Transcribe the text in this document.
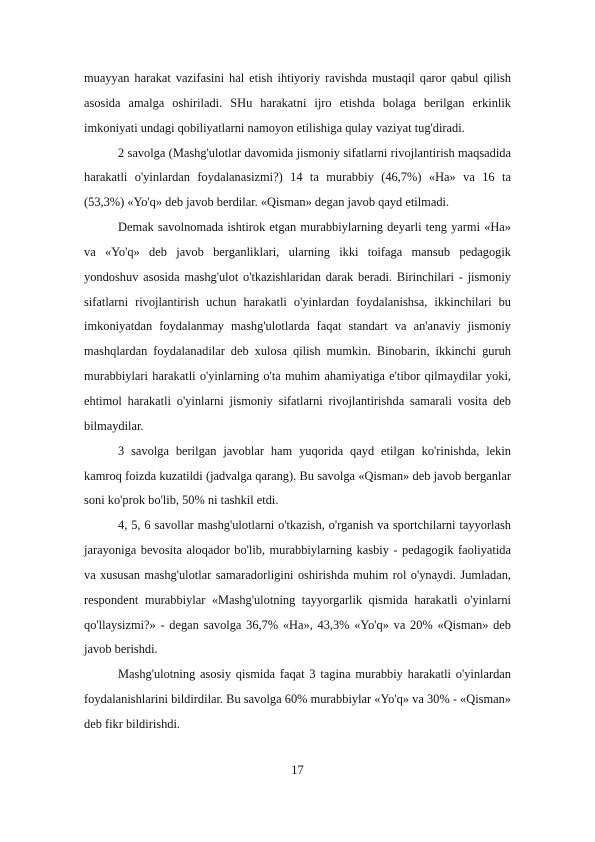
muayyan harakat vazifasini hal etish ihtiyoriy ravishda mustaqil qaror qabul qilish asosida amalga oshiriladi. SHu harakatni ijro etishda bolaga berilgan erkinlik imkoniyati undagi qobiliyatlarni namoyon etilishiga qulay vaziyat tug'diradi.

2 savolga (Mashg'ulotlar davomida jismoniy sifatlarni rivojlantirish maqsadida harakatli o'yinlardan foydalanasizmi?) 14 ta murabbiy (46,7%) «Ha» va 16 ta (53,3%) «Yo'q» deb javob berdilar. «Qisman» degan javob qayd etilmadi.

Demak savolnomada ishtirok etgan murabbiylarning deyarli teng yarmi «Ha» va «Yo'q» deb javob berganliklari, ularning ikki toifaga mansub pedagogik yondoshuv asosida mashg'ulot o'tkazishlaridan darak beradi. Birinchilari - jismoniy sifatlarni rivojlantirish uchun harakatli o'yinlardan foydalanishsa, ikkinchilari bu imkoniyatdan foydalanmay mashg'ulotlarda faqat standart va an'anaviy jismoniy mashqlardan foydalanadilar deb xulosa qilish mumkin. Binobarin, ikkinchi guruh murabbiylari harakatli o'yinlarning o'ta muhim ahamiyatiga e'tibor qilmaydilar yoki, ehtimol harakatli o'yinlarni jismoniy sifatlarni rivojlantirishda samarali vosita deb bilmaydilar.

3 savolga berilgan javoblar ham yuqorida qayd etilgan ko'rinishda, lekin kamroq foizda kuzatildi (jadvalga qarang). Bu savolga «Qisman» deb javob berganlar soni ko'prok bo'lib, 50% ni tashkil etdi.

4, 5, 6 savollar mashg'ulotlarni o'tkazish, o'rganish va sportchilarni tayyorlash jarayoniga bevosita aloqador bo'lib, murabbiylarning kasbiy - pedagogik faoliyatida va xususan mashg'ulotlar samaradorligini oshirishda muhim rol o'ynaydi. Jumladan, respondent murabbiylar «Mashg'ulotning tayyorgarlik qismida harakatli o'yinlarni qo'llaysizmi?» - degan savolga 36,7% «Ha», 43,3% «Yo'q» va 20% «Qisman» deb javob berishdi.

Mashg'ulotning asosiy qismida faqat 3 tagina murabbiy harakatli o'yinlardan foydalanishlarini bildirdilar. Bu savolga 60% murabbiylar «Yo'q» va 30% - «Qisman» deb fikr bildirishdi.

17
